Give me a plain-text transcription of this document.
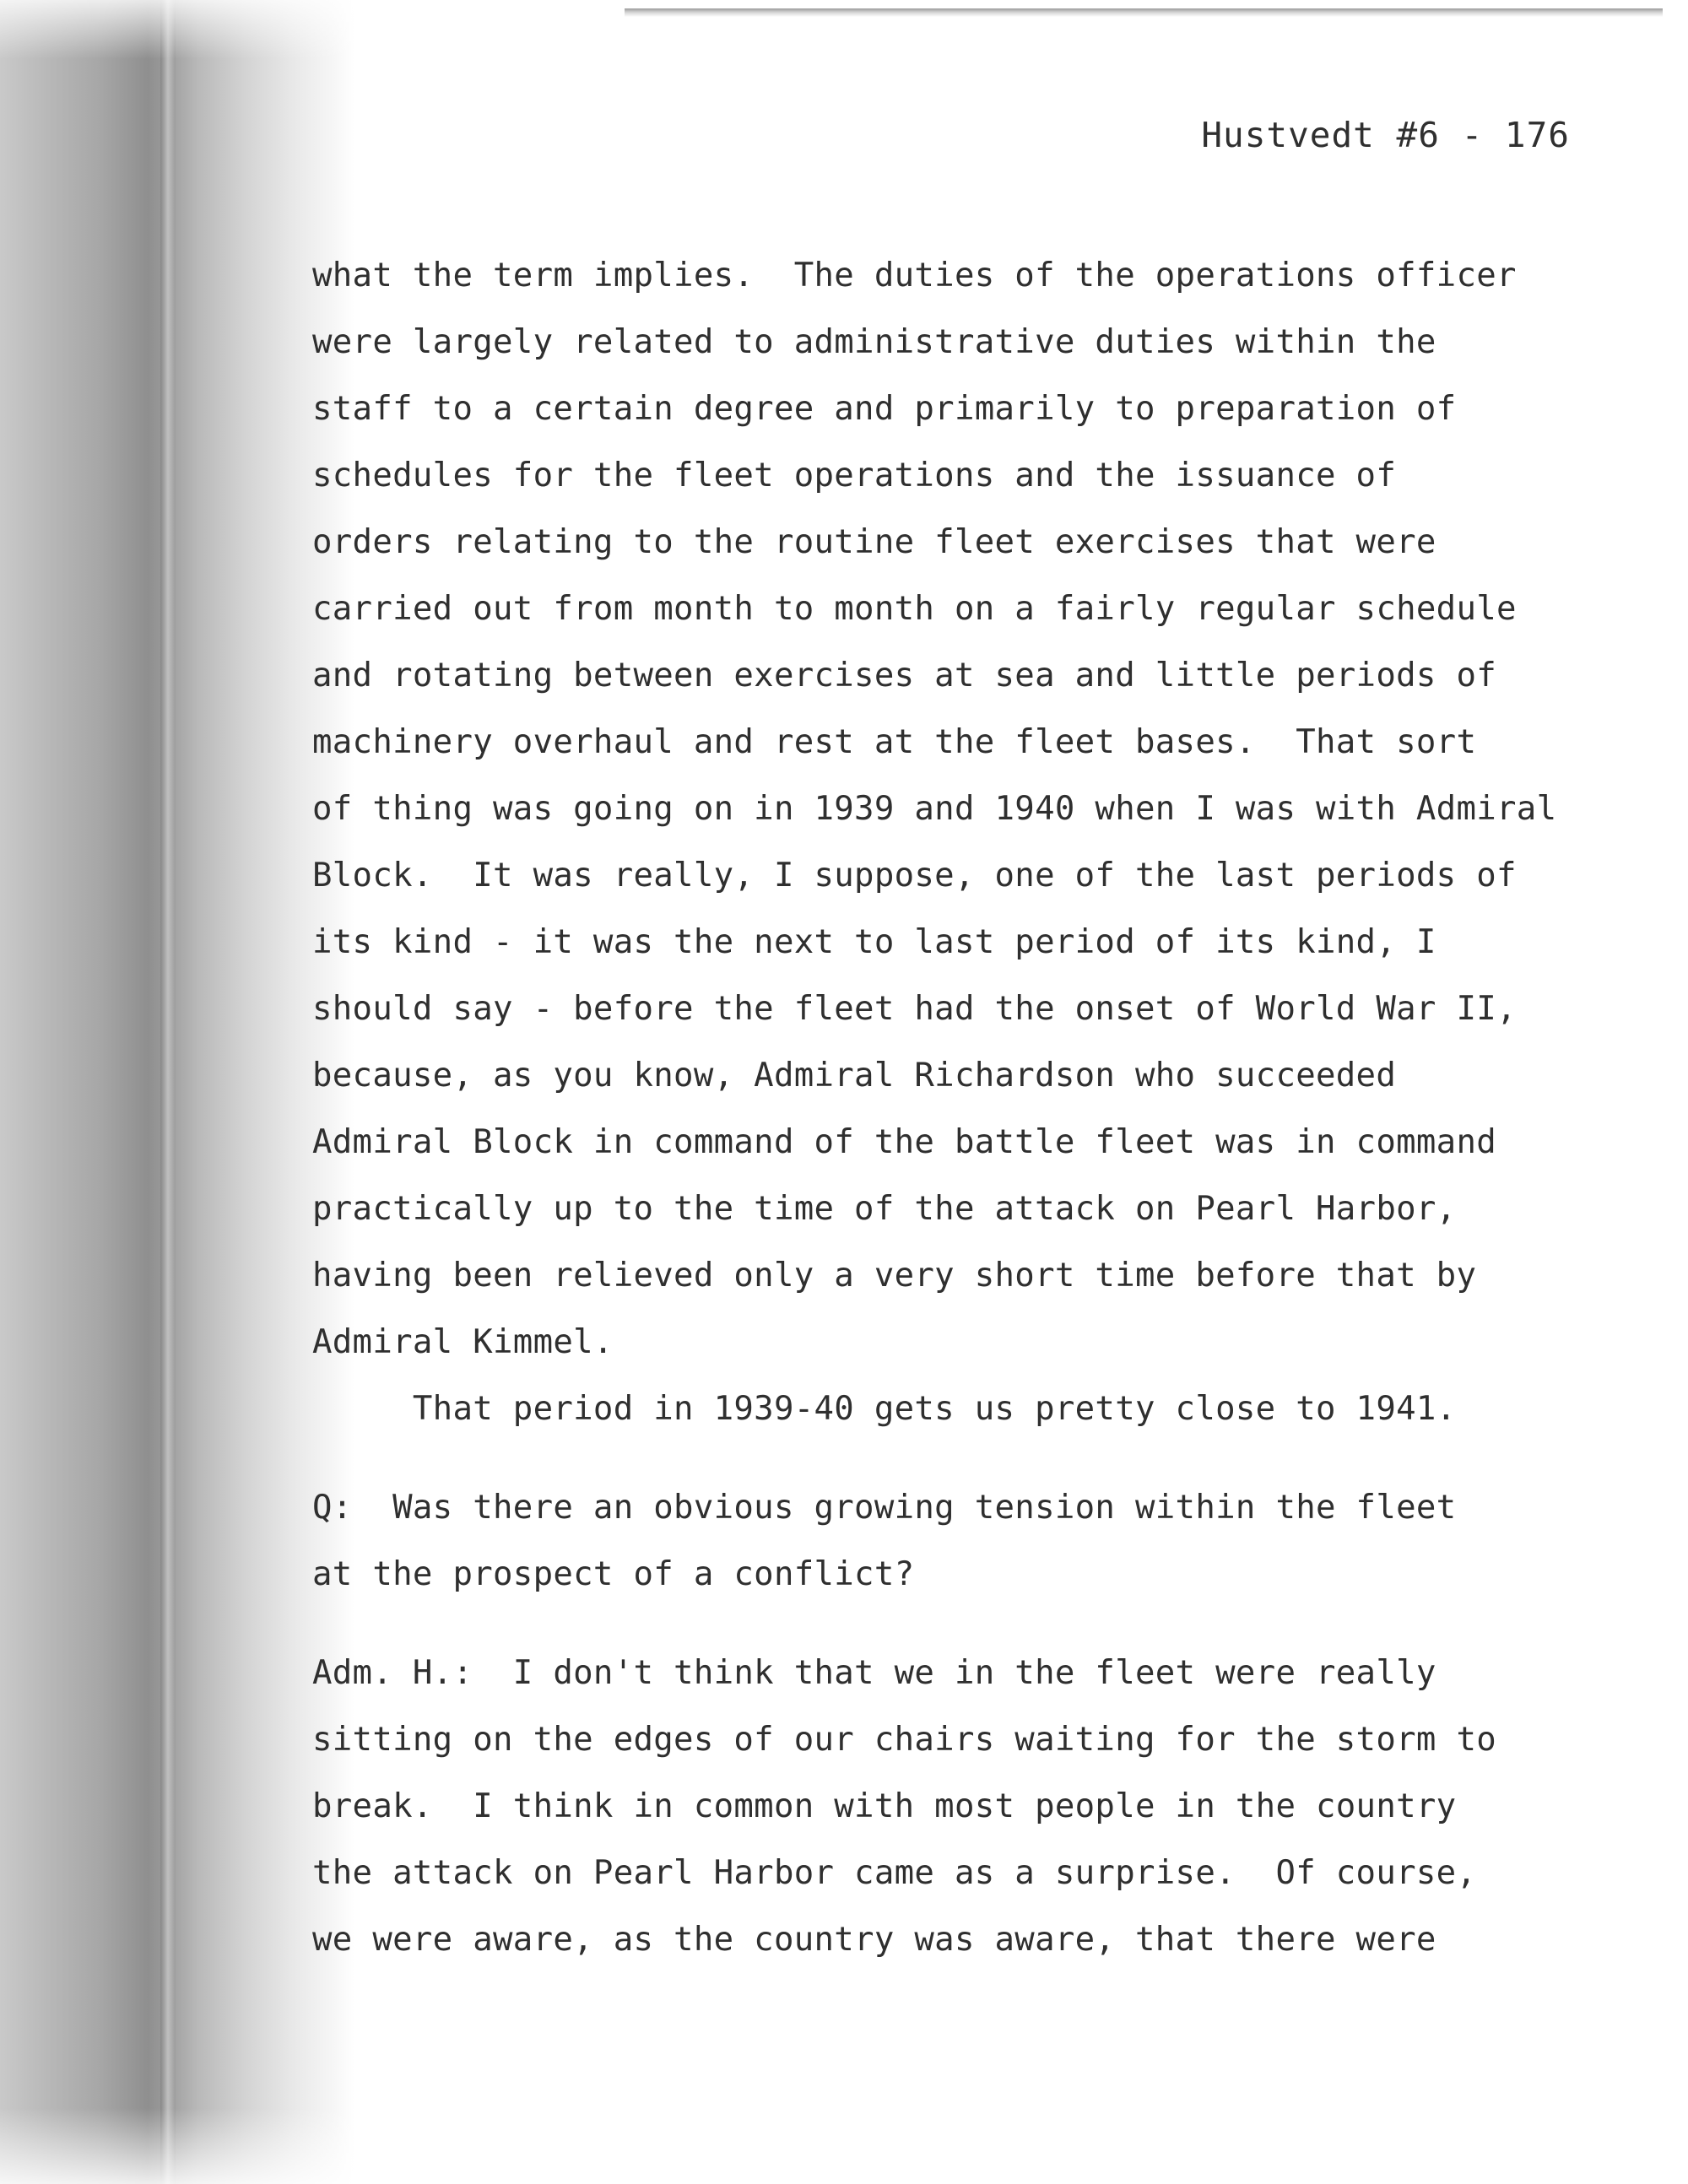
Hustvedt #6 - 176
what the term implies.  The duties of the operations officer
were largely related to administrative duties within the
staff to a certain degree and primarily to preparation of
schedules for the fleet operations and the issuance of
orders relating to the routine fleet exercises that were
carried out from month to month on a fairly regular schedule
and rotating between exercises at sea and little periods of
machinery overhaul and rest at the fleet bases.  That sort
of thing was going on in 1939 and 1940 when I was with Admiral
Block.  It was really, I suppose, one of the last periods of
its kind - it was the next to last period of its kind, I
should say - before the fleet had the onset of World War II,
because, as you know, Admiral Richardson who succeeded
Admiral Block in command of the battle fleet was in command
practically up to the time of the attack on Pearl Harbor,
having been relieved only a very short time before that by
Admiral Kimmel.
That period in 1939-40 gets us pretty close to 1941.
Q:  Was there an obvious growing tension within the fleet
at the prospect of a conflict?
Adm. H.:  I don't think that we in the fleet were really
sitting on the edges of our chairs waiting for the storm to
break.  I think in common with most people in the country
the attack on Pearl Harbor came as a surprise.  Of course,
we were aware, as the country was aware, that there were
